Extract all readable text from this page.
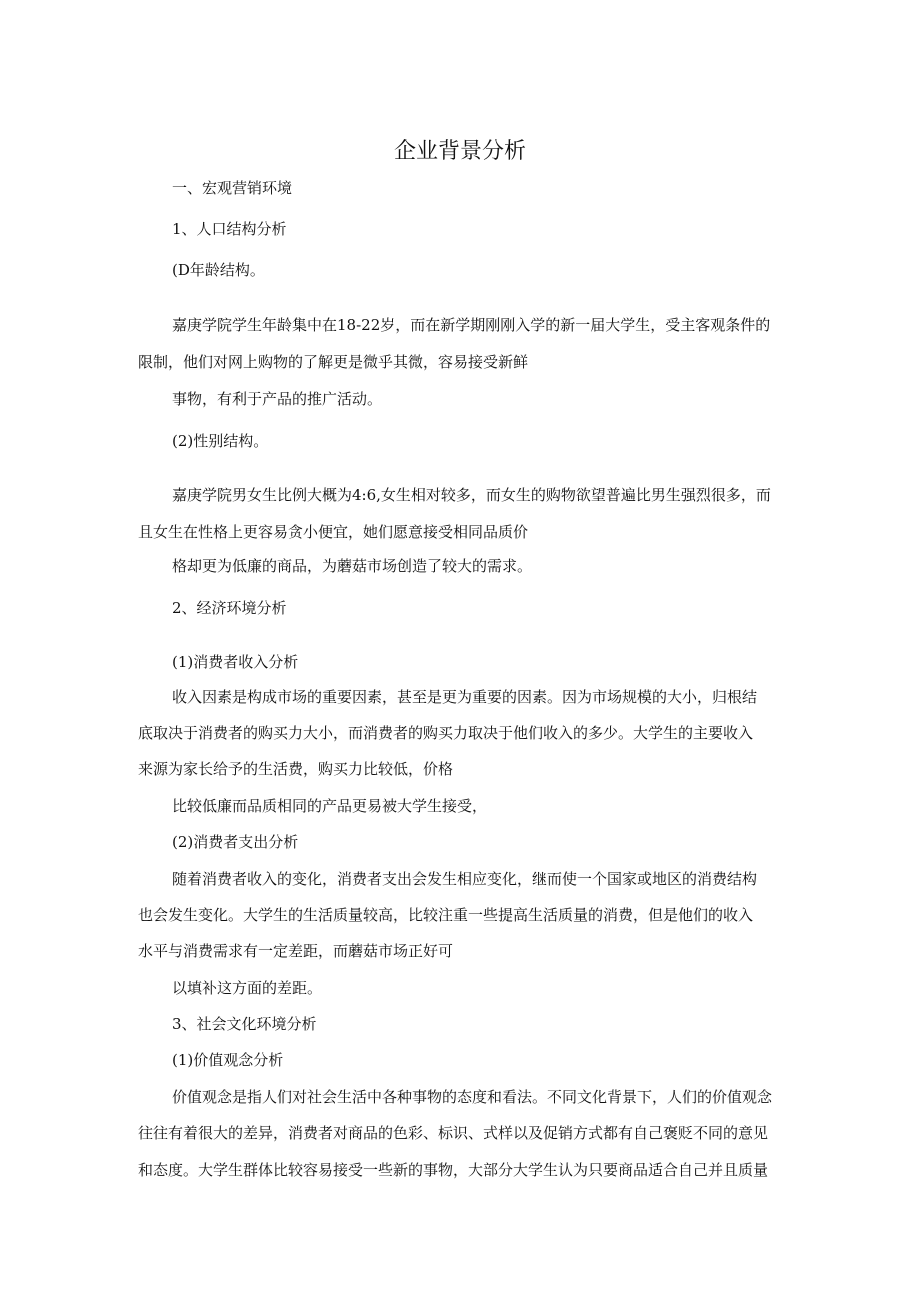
企业背景分析

一、宏观营销环境

1、人口结构分析

(D年龄结构。

嘉庚学院学生年龄集中在18-22岁，而在新学期刚刚入学的新一届大学生，受主客观条件的

限制，他们对网上购物的了解更是微乎其微，容易接受新鲜

事物，有利于产品的推广活动。

(2)性别结构。

嘉庚学院男女生比例大概为4:6,女生相对较多，而女生的购物欲望普遍比男生强烈很多，而

且女生在性格上更容易贪小便宜，她们愿意接受相同品质价

格却更为低廉的商品，为蘑菇市场创造了较大的需求。

2、经济环境分析

(1)消费者收入分析

收入因素是构成市场的重要因素，甚至是更为重要的因素。因为市场规模的大小，归根结

底取决于消费者的购买力大小，而消费者的购买力取决于他们收入的多少。大学生的主要收入

来源为家长给予的生活费，购买力比较低，价格

比较低廉而品质相同的产品更易被大学生接受，

(2)消费者支出分析

随着消费者收入的变化，消费者支出会发生相应变化，继而使一个国家或地区的消费结构

也会发生变化。大学生的生活质量较高，比较注重一些提高生活质量的消费，但是他们的收入

水平与消费需求有一定差距，而蘑菇市场正好可

以填补这方面的差距。

3、社会文化环境分析

(1)价值观念分析

价值观念是指人们对社会生活中各种事物的态度和看法。不同文化背景下，人们的价值观念

往往有着很大的差异，消费者对商品的色彩、标识、式样以及促销方式都有自己褒贬不同的意见

和态度。大学生群体比较容易接受一些新的事物，大部分大学生认为只要商品适合自己并且质量
